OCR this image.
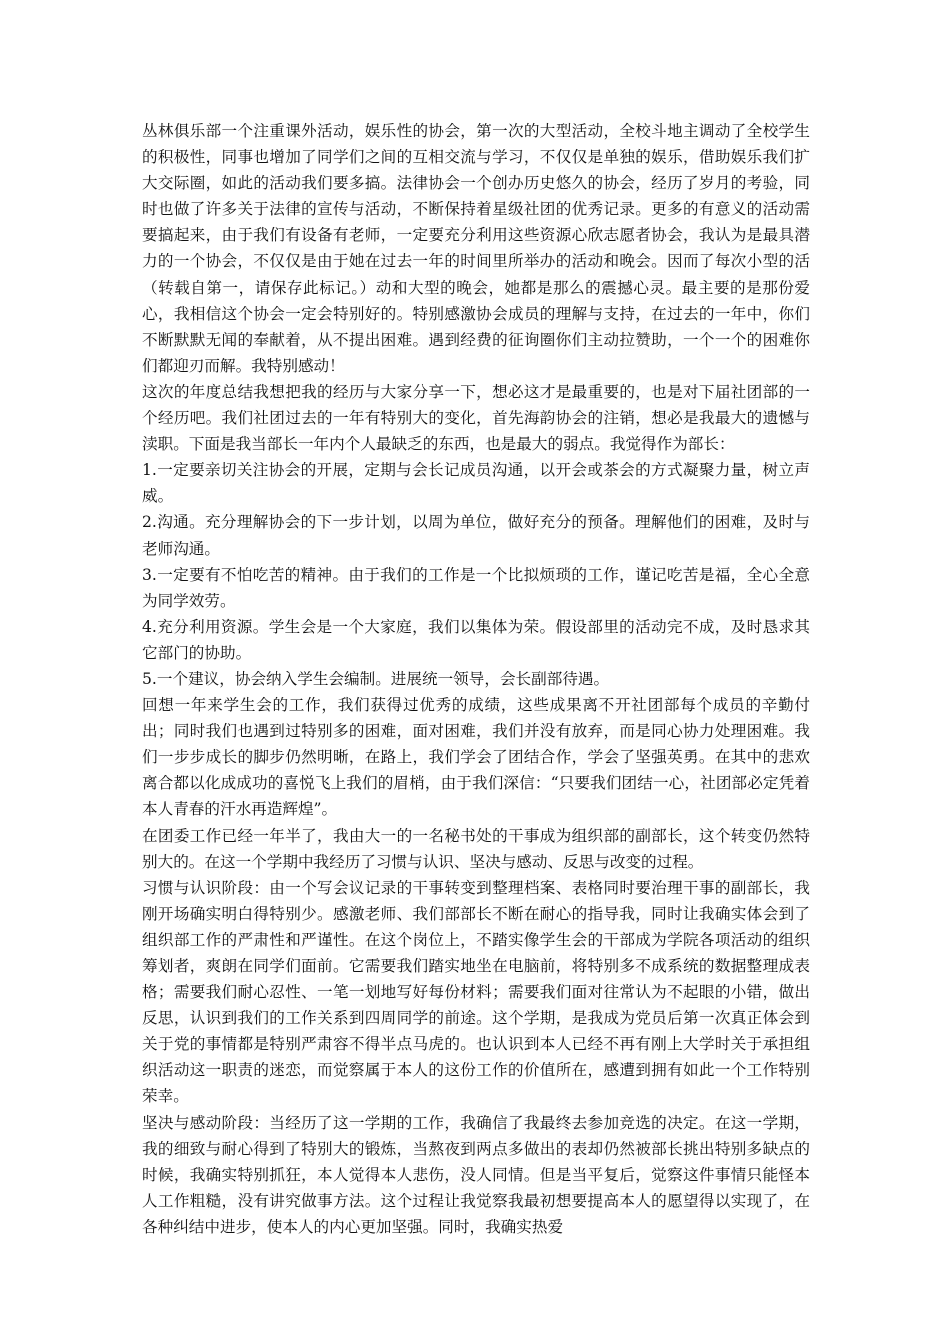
丛林俱乐部一个注重课外活动，娱乐性的协会，第一次的大型活动，全校斗地主调动了全校学生的积极性，同事也增加了同学们之间的互相交流与学习，不仅仅是单独的娱乐，借助娱乐我们扩大交际圈，如此的活动我们要多搞。法律协会一个创办历史悠久的协会，经历了岁月的考验，同时也做了许多关于法律的宣传与活动，不断保持着星级社团的优秀记录。更多的有意义的活动需要搞起来，由于我们有设备有老师，一定要充分利用这些资源心欣志愿者协会，我认为是最具潜力的一个协会，不仅仅是由于她在过去一年的时间里所举办的活动和晚会。因而了每次小型的活（转载自第一，请保存此标记。）动和大型的晚会，她都是那么的震撼心灵。最主要的是那份爱心，我相信这个协会一定会特别好的。特别感激协会成员的理解与支持，在过去的一年中，你们不断默默无闻的奉献着，从不提出困难。遇到经费的征询圈你们主动拉赞助，一个一个的困难你们都迎刃而解。我特别感动！

这次的年度总结我想把我的经历与大家分享一下，想必这才是最重要的，也是对下届社团部的一个经历吧。我们社团过去的一年有特别大的变化，首先海韵协会的注销，想必是我最大的遗憾与渎职。下面是我当部长一年内个人最缺乏的东西，也是最大的弱点。我觉得作为部长：

1.一定要亲切关注协会的开展，定期与会长记成员沟通，以开会或茶会的方式凝聚力量，树立声威。

2.沟通。充分理解协会的下一步计划，以周为单位，做好充分的预备。理解他们的困难，及时与老师沟通。

3.一定要有不怕吃苦的精神。由于我们的工作是一个比拟烦琐的工作，谨记吃苦是福，全心全意为同学效劳。

4.充分利用资源。学生会是一个大家庭，我们以集体为荣。假设部里的活动完不成，及时恳求其它部门的协助。

5.一个建议，协会纳入学生会编制。进展统一领导，会长副部待遇。

回想一年来学生会的工作，我们获得过优秀的成绩，这些成果离不开社团部每个成员的辛勤付出；同时我们也遇到过特别多的困难，面对困难，我们并没有放弃，而是同心协力处理困难。我们一步步成长的脚步仍然明晰，在路上，我们学会了团结合作，学会了坚强英勇。在其中的悲欢离合都以化成成功的喜悦飞上我们的眉梢，由于我们深信：“只要我们团结一心，社团部必定凭着本人青春的汗水再造辉煌”。

在团委工作已经一年半了，我由大一的一名秘书处的干事成为组织部的副部长，这个转变仍然特别大的。在这一个学期中我经历了习惯与认识、坚决与感动、反思与改变的过程。

习惯与认识阶段：由一个写会议记录的干事转变到整理档案、表格同时要治理干事的副部长，我刚开场确实明白得特别少。感激老师、我们部部长不断在耐心的指导我，同时让我确实体会到了组织部工作的严肃性和严谨性。在这个岗位上，不踏实像学生会的干部成为学院各项活动的组织筹划者，爽朗在同学们面前。它需要我们踏实地坐在电脑前，将特别多不成系统的数据整理成表格；需要我们耐心忍性、一笔一划地写好每份材料；需要我们面对往常认为不起眼的小错，做出反思，认识到我们的工作关系到四周同学的前途。这个学期，是我成为党员后第一次真正体会到关于党的事情都是特别严肃容不得半点马虎的。也认识到本人已经不再有刚上大学时关于承担组织活动这一职责的迷恋，而觉察属于本人的这份工作的价值所在，感遭到拥有如此一个工作特别荣幸。

坚决与感动阶段：当经历了这一学期的工作，我确信了我最终去参加竞选的决定。在这一学期，我的细致与耐心得到了特别大的锻炼，当熬夜到两点多做出的表却仍然被部长挑出特别多缺点的时候，我确实特别抓狂，本人觉得本人悲伤，没人同情。但是当平复后，觉察这件事情只能怪本人工作粗糙，没有讲究做事方法。这个过程让我觉察我最初想要提高本人的愿望得以实现了，在各种纠结中进步，使本人的内心更加坚强。同时，我确实热爱
